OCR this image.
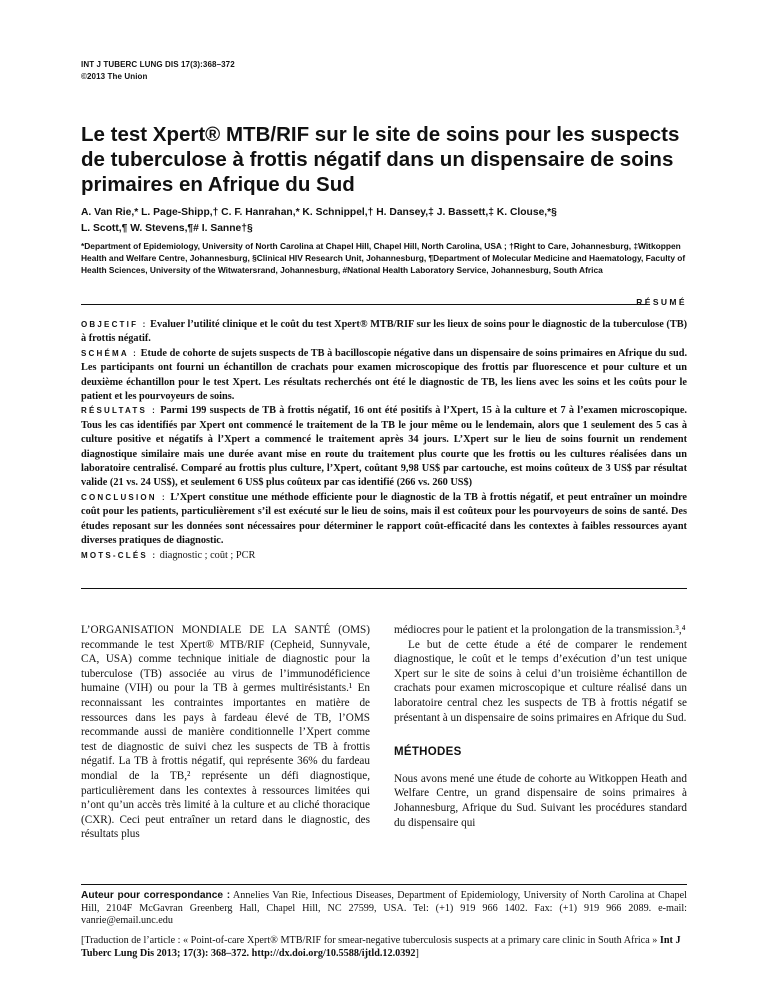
INT J TUBERC LUNG DIS 17(3):368–372
©2013 The Union
Le test Xpert® MTB/RIF sur le site de soins pour les suspects de tuberculose à frottis négatif dans un dispensaire de soins primaires en Afrique du Sud
A. Van Rie,* L. Page-Shipp,† C. F. Hanrahan,* K. Schnippel,† H. Dansey,‡ J. Bassett,‡ K. Clouse,*§
L. Scott,¶ W. Stevens,¶# I. Sanne†§
*Department of Epidemiology, University of North Carolina at Chapel Hill, Chapel Hill, North Carolina, USA ; †Right to Care, Johannesburg, ‡Witkoppen Health and Welfare Centre, Johannesburg, §Clinical HIV Research Unit, Johannesburg, ¶Department of Molecular Medicine and Haematology, Faculty of Health Sciences, University of the Witwatersrand, Johannesburg, #National Health Laboratory Service, Johannesburg, South Africa
RÉSUMÉ

OBJECTIF : Evaluer l’utilité clinique et le coût du test Xpert® MTB/RIF sur les lieux de soins pour le diagnostic de la tuberculose (TB) à frottis négatif.

SCHÉMA : Etude de cohorte de sujets suspects de TB à bacilloscopie négative dans un dispensaire de soins primaires en Afrique du sud. Les participants ont fourni un échantillon de crachats pour examen microscopique des frottis par fluorescence et pour culture et un deuxième échantillon pour le test Xpert. Les résultats recherchés ont été le diagnostic de TB, les liens avec les soins et les coûts pour le patient et les pourvoyeurs de soins.

RÉSULTATS : Parmi 199 suspects de TB à frottis négatif, 16 ont été positifs à l’Xpert, 15 à la culture et 7 à l’examen microscopique. Tous les cas identifiés par Xpert ont commencé le traitement de la TB le jour même ou le lendemain, alors que 1 seulement des 5 cas à culture positive et négatifs à l’Xpert a commencé le traitement après 34 jours. L’Xpert sur le lieu de soins fournit un rendement diagnostique similaire mais une durée avant mise en route du traitement plus courte que les frottis ou les cultures réalisées dans un laboratoire centralisé. Comparé au frottis plus culture, l’Xpert, coûtant 9,98 US$ par cartouche, est moins coûteux de 3 US$ par résultat valide (21 vs. 24 US$), et seulement 6 US$ plus coûteux par cas identifié (266 vs. 260 US$)

CONCLUSION : L’Xpert constitue une méthode efficiente pour le diagnostic de la TB à frottis négatif, et peut entraîner un moindre coût pour les patients, particulièrement s’il est exécuté sur le lieu de soins, mais il est coûteux pour les pourvoyeurs de soins de santé. Des études reposant sur les données sont nécessaires pour déterminer le rapport coût-efficacité dans les contextes à faibles ressources ayant diverses pratiques de diagnostic.

MOTS-CLÉS : diagnostic ; coût ; PCR

L’ORGANISATION MONDIALE DE LA SANTÉ (OMS) recommande le test Xpert® MTB/RIF (Cepheid, Sunnyvale, CA, USA) comme technique initiale de diagnostic pour la tuberculose (TB) associée au virus de l’immunodéficience humaine (VIH) ou pour la TB à germes multirésistants.¹ En reconnaissant les contraintes importantes en matière de ressources dans les pays à fardeau élevé de TB, l’OMS recommande aussi de manière conditionnelle l’Xpert comme test de diagnostic de suivi chez les suspects de TB à frottis négatif. La TB à frottis négatif, qui représente 36% du fardeau mondial de la TB,² représente un défi diagnostique, particulièrement dans les contextes à ressources limitées qui n’ont qu’un accès très limité à la culture et au cliché thoracique (CXR). Ceci peut entraîner un retard dans le diagnostic, des résultats plus

médiocres pour le patient et la prolongation de la transmission.³,⁴

Le but de cette étude a été de comparer le rendement diagnostique, le coût et le temps d’exécution d’un test unique Xpert sur le site de soins à celui d’un troisième échantillon de crachats pour examen microscopique et culture réalisé dans un laboratoire central chez les suspects de TB à frottis négatif se présentant à un dispensaire de soins primaires en Afrique du Sud.

MÉTHODES

Nous avons mené une étude de cohorte au Witkoppen Heath and Welfare Centre, un grand dispensaire de soins primaires à Johannesburg, Afrique du Sud. Suivant les procédures standard du dispensaire qui

Auteur pour correspondance : Annelies Van Rie, Infectious Diseases, Department of Epidemiology, University of North Carolina at Chapel Hill, 2104F McGavran Greenberg Hall, Chapel Hill, NC 27599, USA. Tel: (+1) 919 966 1402. Fax: (+1) 919 966 2089. e-mail: vanrie@email.unc.edu

[Traduction de l’article : « Point-of-care Xpert® MTB/RIF for smear-negative tuberculosis suspects at a primary care clinic in South Africa » Int J Tuberc Lung Dis 2013; 17(3): 368–372. http://dx.doi.org/10.5588/ijtld.12.0392]
